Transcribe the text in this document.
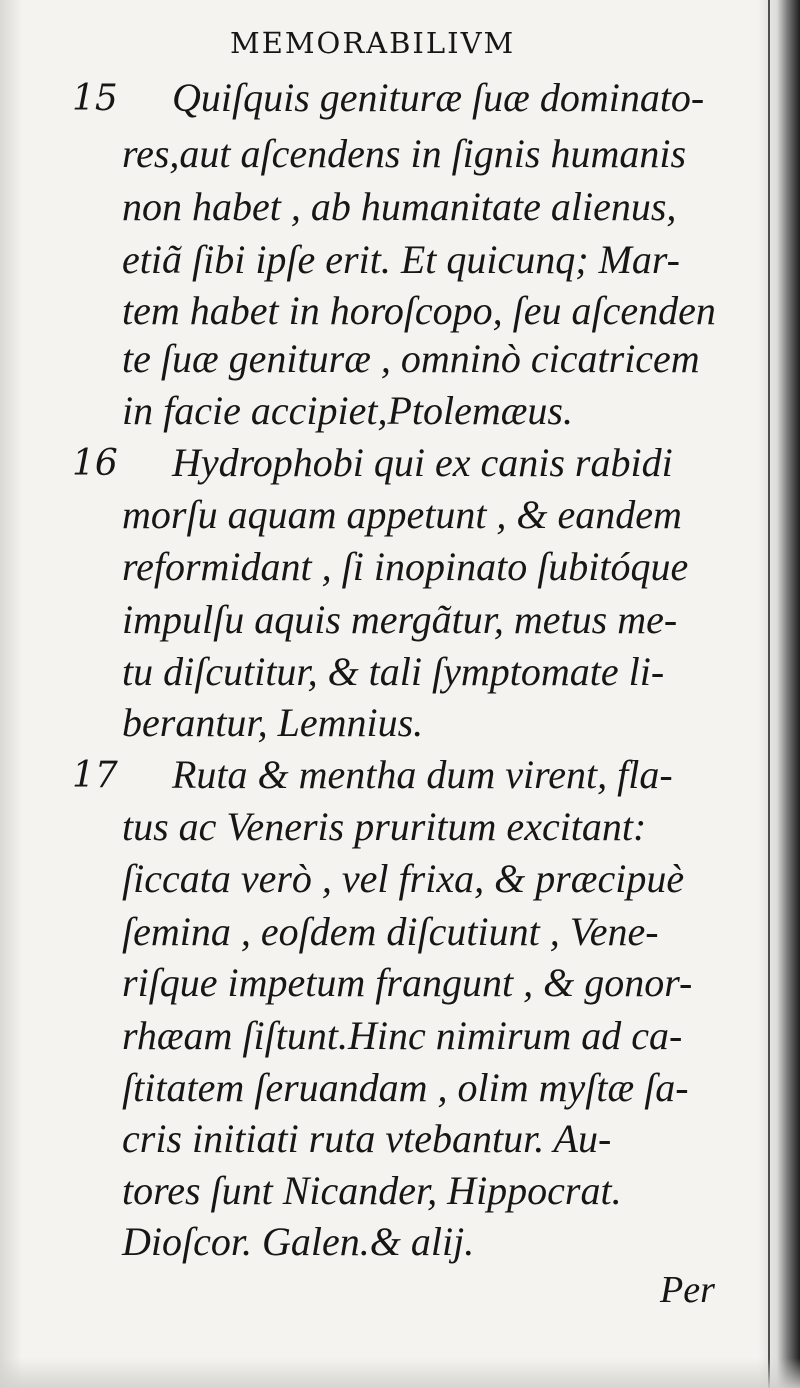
MEMORABILIVM
15 Quiſquis genituræ ſuæ dominato-
res,aut aſcendens in ſignis humanis
non habet , ab humanitate alienus,
etiã ſibi ipſe erit. Et quicunq; Mar-
tem habet in horoſcopo, ſeu aſcenden
te ſuæ genituræ , omninò cicatricem
in facie accipiet,Ptolemæus.
16 Hydrophobi qui ex canis rabidi
morſu aquam appetunt , & eandem
reformidant , ſi inopinato ſubitóque
impulſu aquis mergãtur, metus me-
tu diſcutitur, & tali ſymptomate li-
berantur, Lemnius.
17 Ruta & mentha dum virent, fla-
tus ac Veneris pruritum excitant:
ſiccata verò , vel frixa, & præcipuè
ſemina , eoſdem diſcutiunt , Vene-
riſque impetum frangunt , & gonor-
rhæam ſiſtunt.Hinc nimirum ad ca-
ſtitatem ſeruandam , olim myſtæ ſa-
cris initiati ruta vtebantur. Au-
tores ſunt Nicander, Hippocrat.
Dioſcor. Galen.& alij.
Per
